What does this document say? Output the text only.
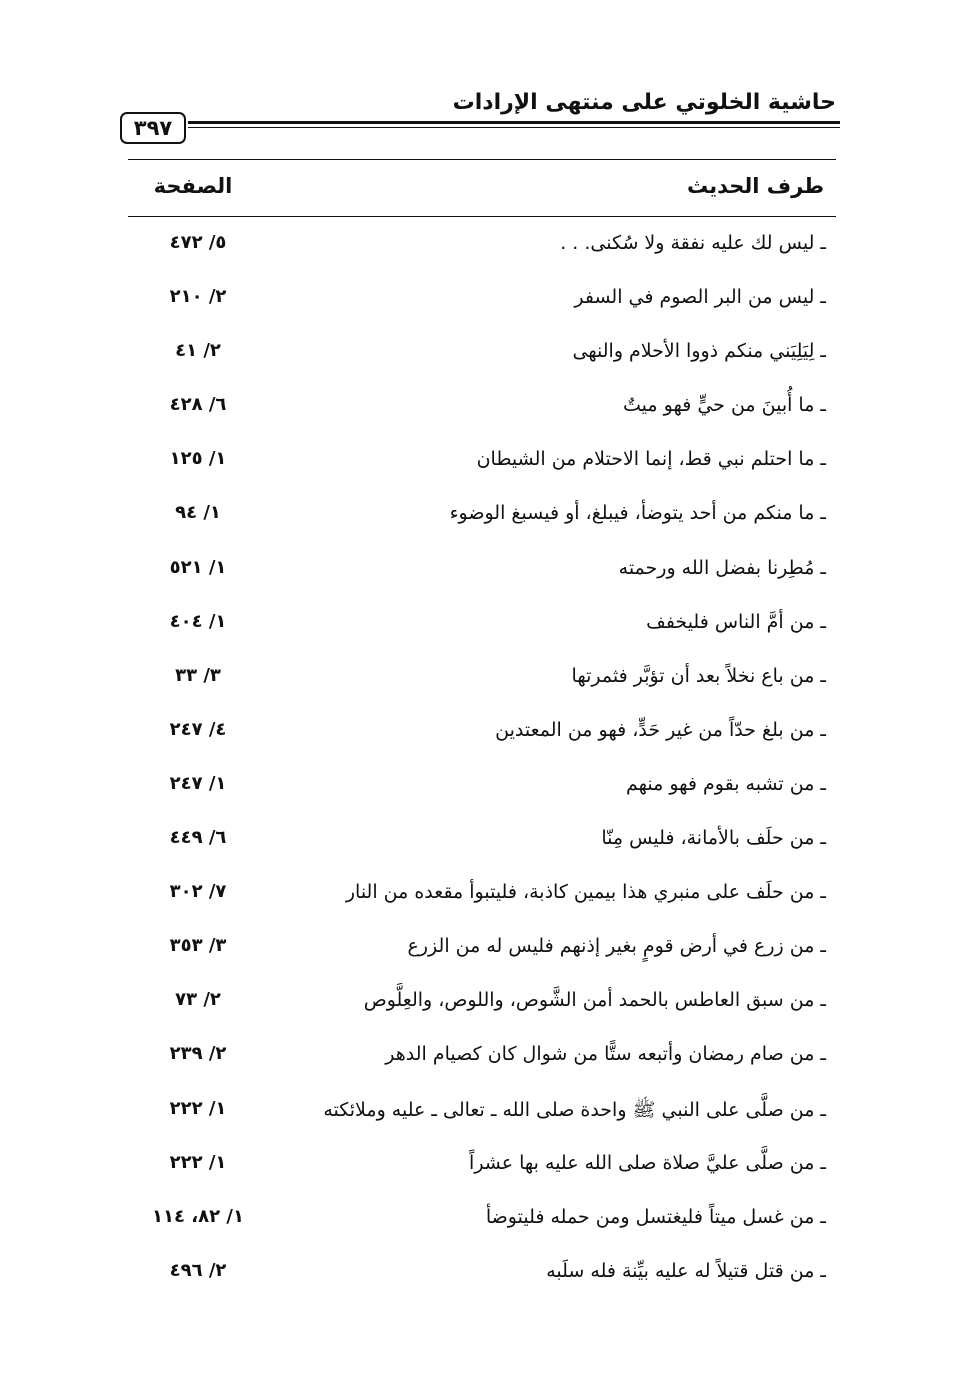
حاشية الخلوتي على منتهى الإرادات
٣٩٧
طرف الحديث
الصفحة
ـ ليس لك عليه نفقة ولا سُكنى. . .
٥/ ٤٧٢
ـ ليس من البر الصوم في السفر
٢/ ٢١٠
ـ لِيَلِيَني منكم ذووا الأحلام والنهى
٢/ ٤١
ـ ما أُبينَ من حيٍّ فهو ميتٌ
٦/ ٤٢٨
ـ ما احتلم نبي قط، إنما الاحتلام من الشيطان
١/ ١٢٥
ـ ما منكم من أحد يتوضأ، فيبلغ، أو فيسبغ الوضوء
١/ ٩٤
ـ مُطِرنا بفضل الله ورحمته
١/ ٥٢١
ـ من أمَّ الناس فليخفف
١/ ٤٠٤
ـ من باع نخلاً بعد أن تؤبَّر فثمرتها
٣/ ٣٣
ـ من بلغ حدّاً من غير حَدٍّ، فهو من المعتدين
٤/ ٢٤٧
ـ من تشبه بقوم فهو منهم
١/ ٢٤٧
ـ من حلَف بالأمانة، فليس مِنّا
٦/ ٤٤٩
ـ من حلَف على منبري هذا بيمين كاذبة، فليتبوأ مقعده من النار
٧/ ٣٠٢
ـ من زرع في أرض قومٍ بغير إذنهم فليس له من الزرع
٣/ ٣٥٣
ـ من سبق العاطس بالحمد أمن الشَّوص، واللوص، والعِلَّوص
٢/ ٧٣
ـ من صام رمضان وأتبعه ستًّا من شوال كان كصيام الدهر
٢/ ٢٣٩
ـ من صلَّى على النبي ﷺ واحدة صلى الله ـ تعالى ـ عليه وملائكته
١/ ٢٢٢
ـ من صلَّى عليَّ صلاة صلى الله عليه بها عشراً
١/ ٢٢٢
ـ من غسل ميتاً فليغتسل ومن حمله فليتوضأ
١/ ٨٢، ١١٤
ـ من قتل قتيلاً له عليه بيِّنة فله سلَبه
٢/ ٤٩٦
